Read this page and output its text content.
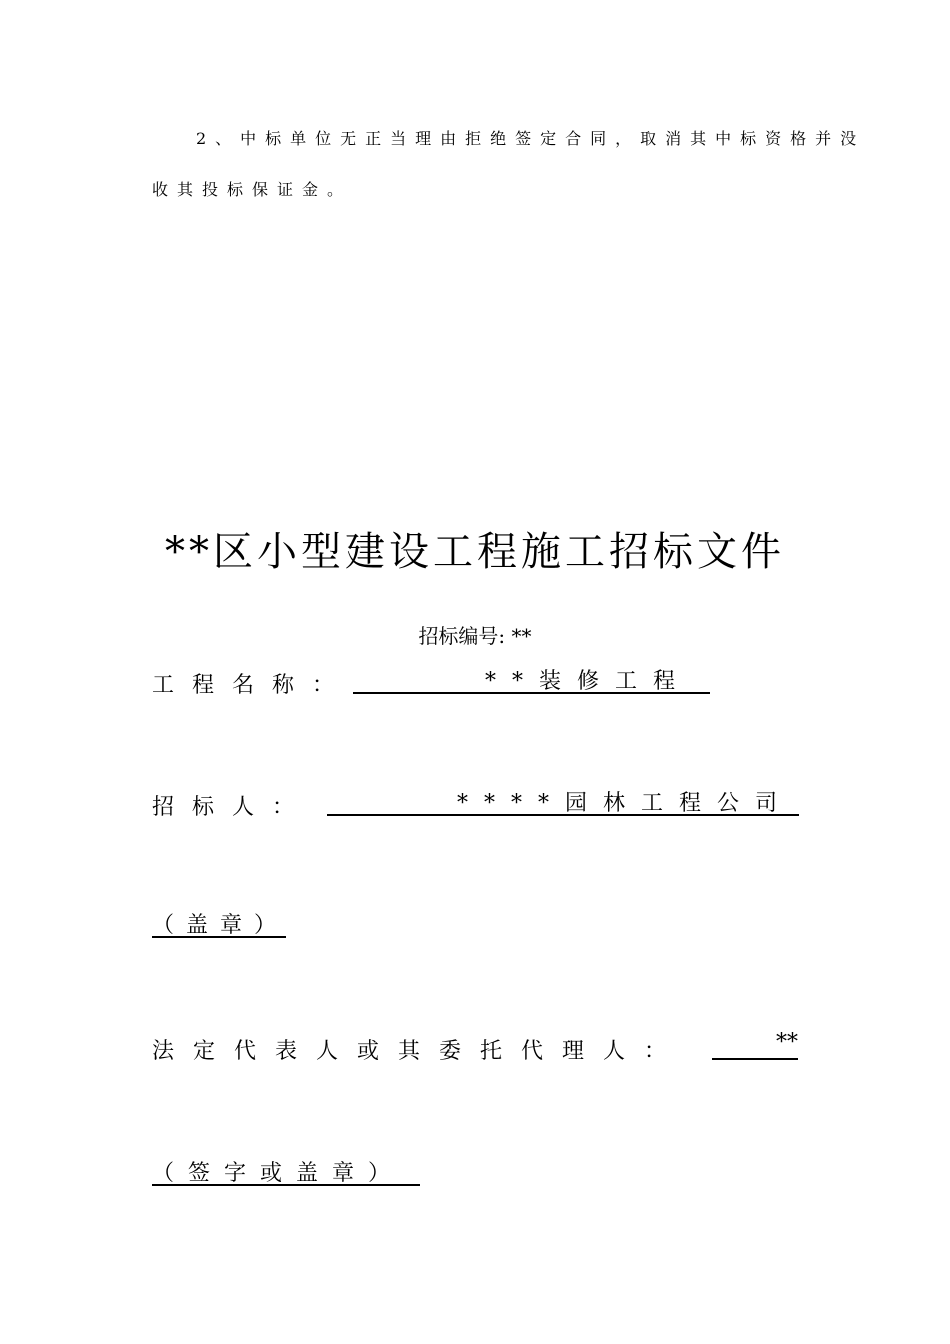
2、中标单位无正当理由拒绝签定合同，取消其中标资格并没
收其投标保证金。
**区小型建设工程施工招标文件
招标编号: **
工程名称：	**装修工程
招标人：	****园林工程公司
（盖章）
法定代表人或其委托代理人：	**
（签字或盖章）
